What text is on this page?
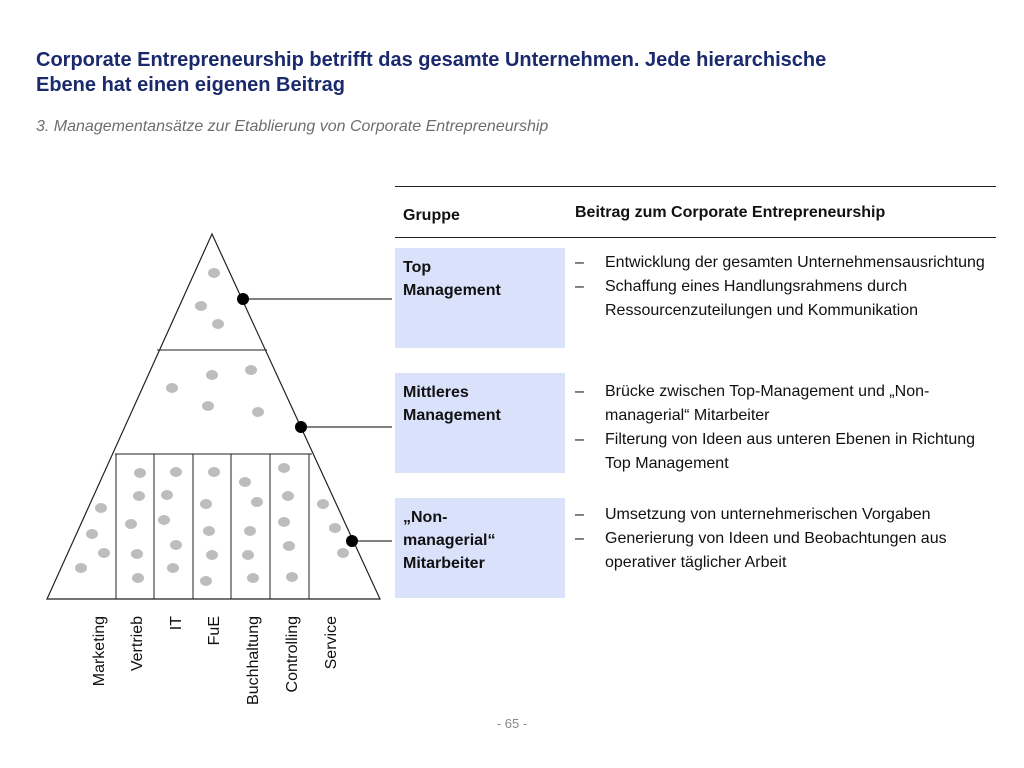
Corporate Entrepreneurship betrifft das gesamte Unternehmen. Jede hierarchische
Ebene hat einen eigenen Beitrag
3. Managementansätze zur Etablierung von Corporate Entrepreneurship
Marketing Vertrieb IT FuE Buchhaltung Controlling Service
Gruppe	Beitrag zum Corporate Entrepreneurship
Top
Management
– Entwicklung der gesamten Unternehmensausrichtung
– Schaffung eines Handlungsrahmens durch Ressourcenzuteilungen und Kommunikation
Mittleres
Management
– Brücke zwischen Top-Management und „Non-managerial“ Mitarbeiter
– Filterung von Ideen aus unteren Ebenen in Richtung Top Management
„Non-
managerial“
Mitarbeiter
– Umsetzung von unternehmerischen Vorgaben
– Generierung von Ideen und Beobachtungen aus operativer täglicher Arbeit
- 65 -
